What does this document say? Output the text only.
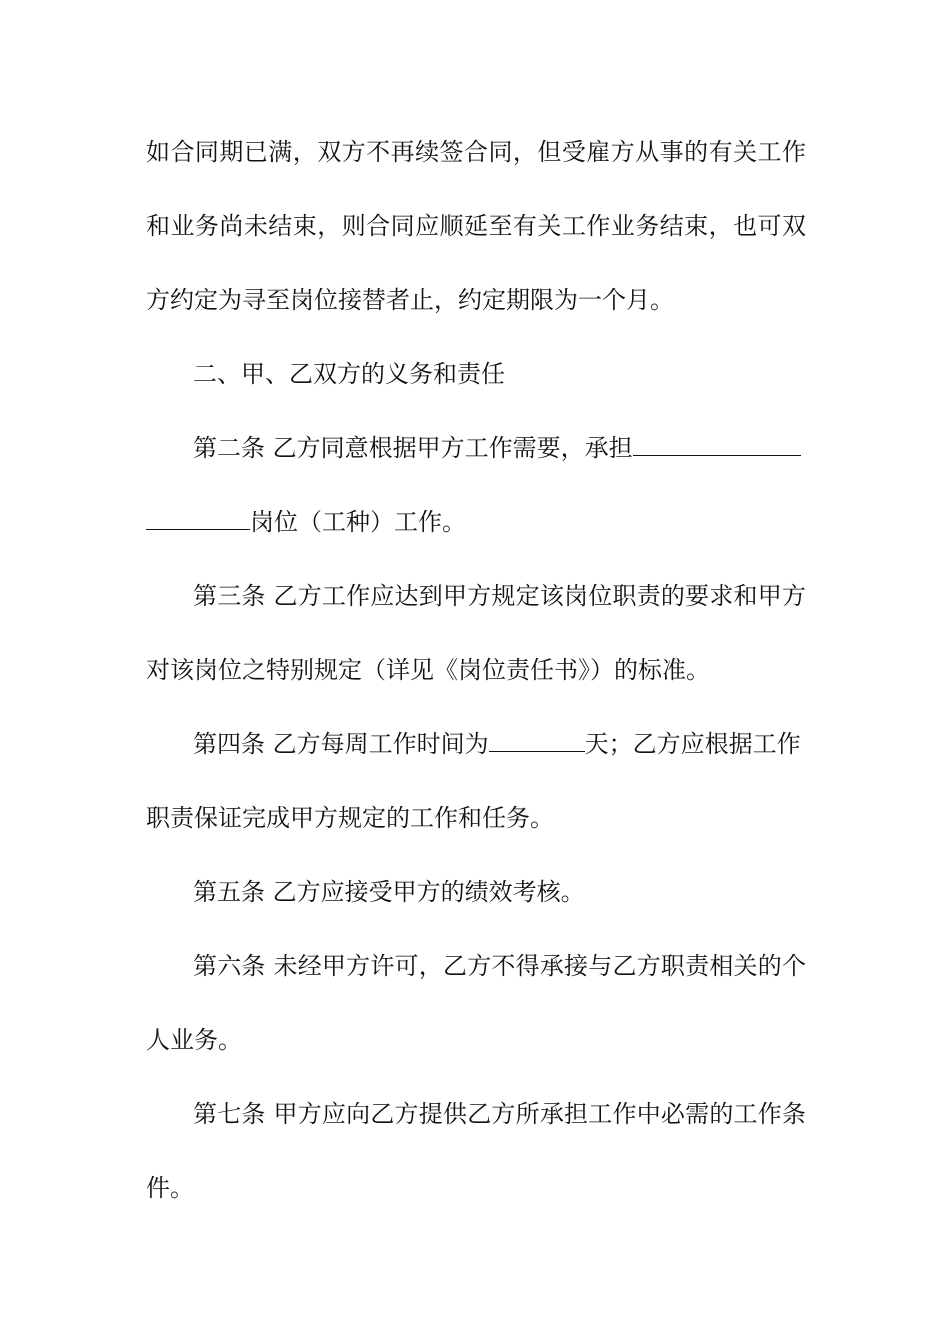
如合同期已满，双方不再续签合同，但受雇方从事的有关工作
和业务尚未结束，则合同应顺延至有关工作业务结束，也可双
方约定为寻至岗位接替者止，约定期限为一个月。
二、甲、乙双方的义务和责任
第二条 乙方同意根据甲方工作需要，承担
岗位（工种）工作。
第三条 乙方工作应达到甲方规定该岗位职责的要求和甲方
对该岗位之特别规定（详见《岗位责任书》）的标准。
第四条 乙方每周工作时间为	天；乙方应根据工作
职责保证完成甲方规定的工作和任务。
第五条 乙方应接受甲方的绩效考核。
第六条 未经甲方许可，乙方不得承接与乙方职责相关的个
人业务。
第七条 甲方应向乙方提供乙方所承担工作中必需的工作条
件。
